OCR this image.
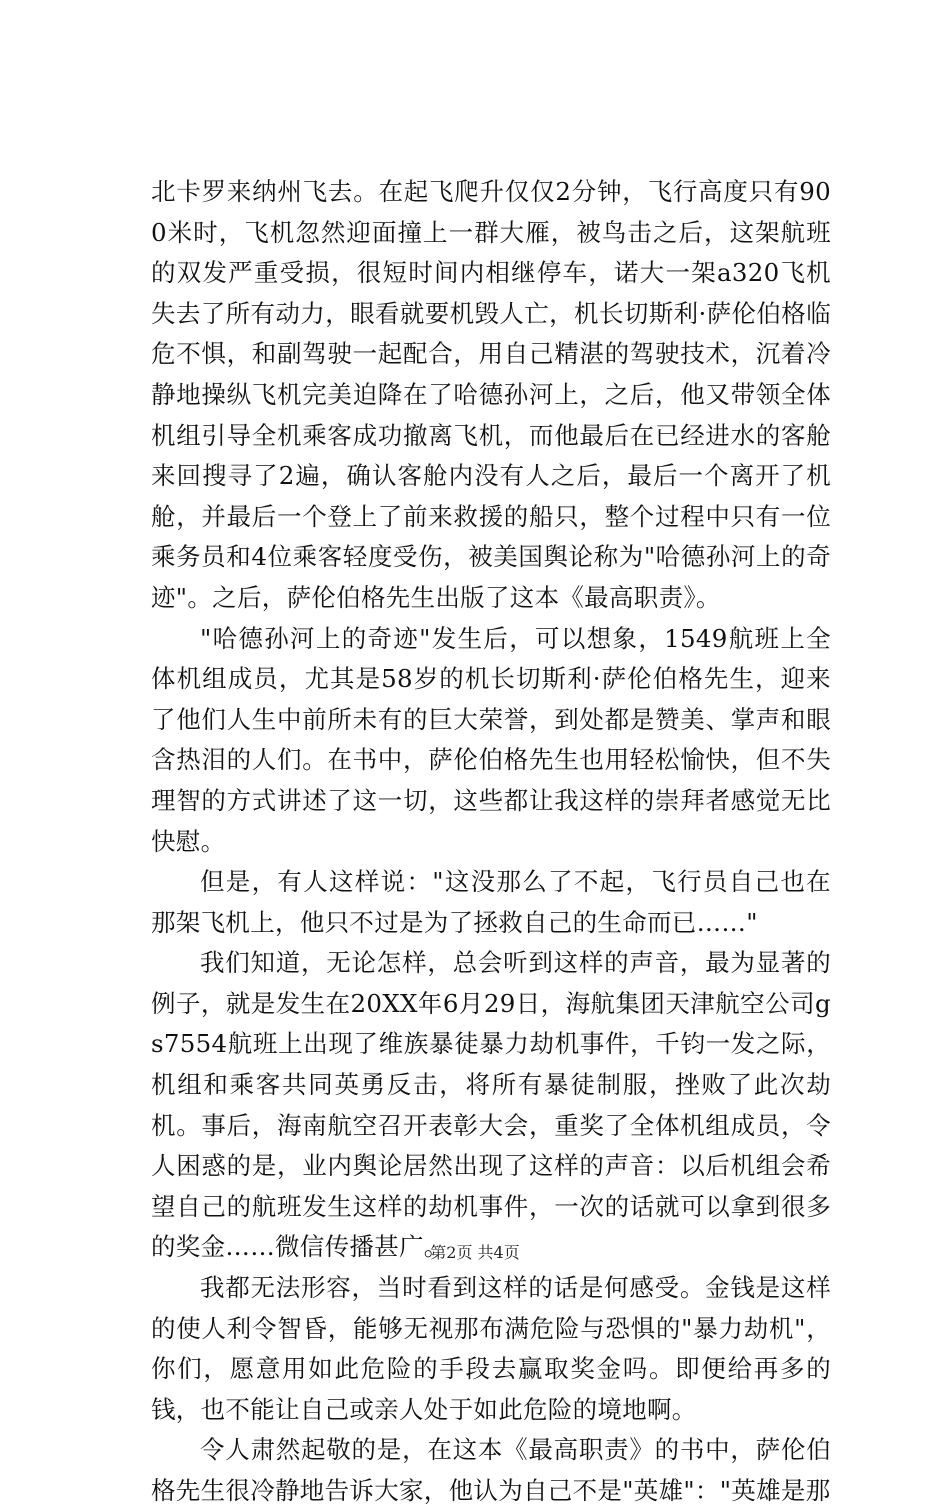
北卡罗来纳州飞去。在起飞爬升仅仅2分钟，飞行高度只有900米时，飞机忽然迎面撞上一群大雁，被鸟击之后，这架航班的双发严重受损，很短时间内相继停车，诺大一架a320飞机失去了所有动力，眼看就要机毁人亡，机长切斯利·萨伦伯格临危不惧，和副驾驶一起配合，用自己精湛的驾驶技术，沉着冷静地操纵飞机完美迫降在了哈德孙河上，之后，他又带领全体机组引导全机乘客成功撤离飞机，而他最后在已经进水的客舱来回搜寻了2遍，确认客舱内没有人之后，最后一个离开了机舱，并最后一个登上了前来救援的船只，整个过程中只有一位乘务员和4位乘客轻度受伤，被美国舆论称为"哈德孙河上的奇迹"。之后，萨伦伯格先生出版了这本《最高职责》。

"哈德孙河上的奇迹"发生后，可以想象，1549航班上全体机组成员，尤其是58岁的机长切斯利·萨伦伯格先生，迎来了他们人生中前所未有的巨大荣誉，到处都是赞美、掌声和眼含热泪的人们。在书中，萨伦伯格先生也用轻松愉快，但不失理智的方式讲述了这一切，这些都让我这样的崇拜者感觉无比快慰。

但是，有人这样说："这没那么了不起，飞行员自己也在那架飞机上，他只不过是为了拯救自己的生命而已……"

我们知道，无论怎样，总会听到这样的声音，最为显著的例子，就是发生在20XX年6月29日，海航集团天津航空公司gs7554航班上出现了维族暴徒暴力劫机事件，千钧一发之际，机组和乘客共同英勇反击，将所有暴徒制服，挫败了此次劫机。事后，海南航空召开表彰大会，重奖了全体机组成员，令人困惑的是，业内舆论居然出现了这样的声音：以后机组会希望自己的航班发生这样的劫机事件，一次的话就可以拿到很多的奖金……微信传播甚广。

我都无法形容，当时看到这样的话是何感受。金钱是这样的使人利令智昏，能够无视那布满危险与恐惧的"暴力劫机"，你们，愿意用如此危险的手段去赢取奖金吗。即便给再多的钱，也不能让自己或亲人处于如此危险的境地啊。

令人肃然起敬的是，在这本《最高职责》的书中，萨伦伯格先生很冷静地告诉大家，他认为自己不是"英雄"："英雄是那

第2页 共4页
